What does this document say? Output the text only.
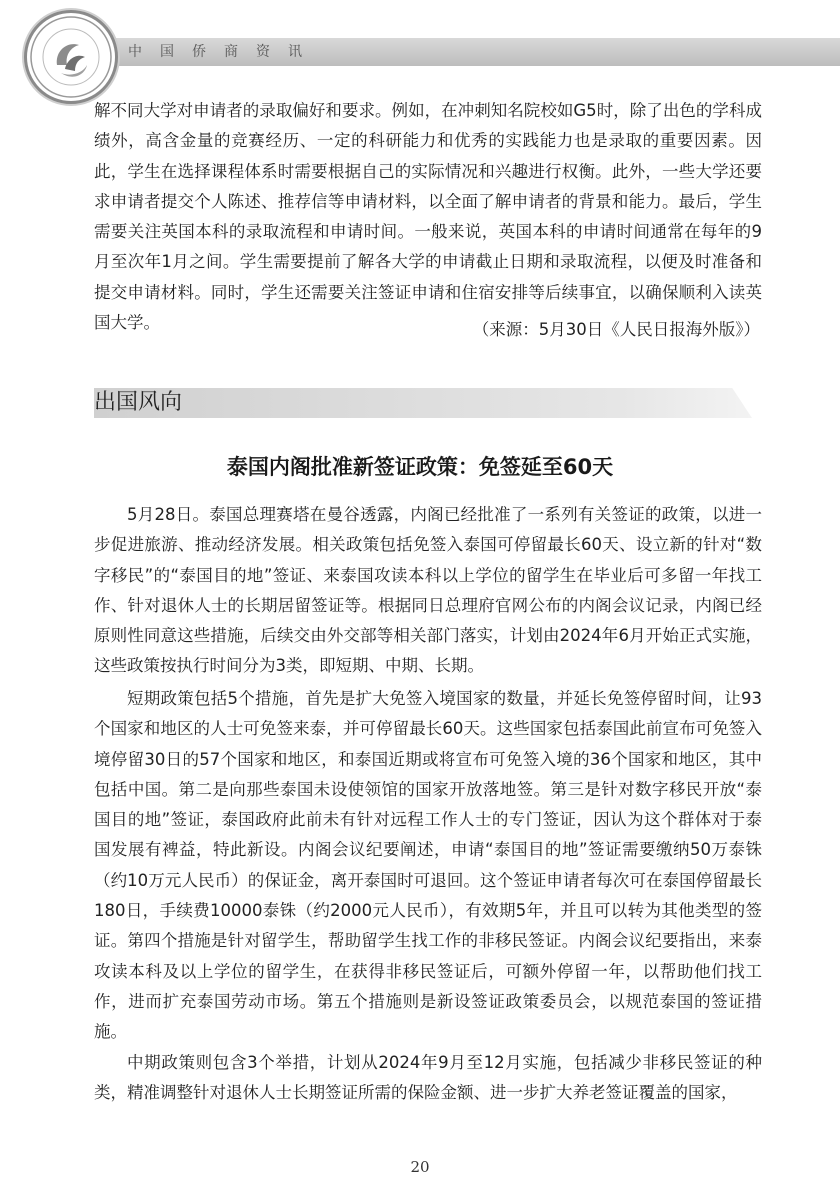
中国侨商资讯

解不同大学对申请者的录取偏好和要求。例如，在冲刺知名院校如G5时，除了出色的学科成绩外，高含金量的竞赛经历、一定的科研能力和优秀的实践能力也是录取的重要因素。因此，学生在选择课程体系时需要根据自己的实际情况和兴趣进行权衡。此外，一些大学还要求申请者提交个人陈述、推荐信等申请材料，以全面了解申请者的背景和能力。最后，学生需要关注英国本科的录取流程和申请时间。一般来说，英国本科的申请时间通常在每年的9月至次年1月之间。学生需要提前了解各大学的申请截止日期和录取流程，以便及时准备和提交申请材料。同时，学生还需要关注签证申请和住宿安排等后续事宜，以确保顺利入读英国大学。	（来源：5月30日《人民日报海外版》）
出国风向
泰国内阁批准新签证政策：免签延至60天

5月28日。泰国总理赛塔在曼谷透露，内阁已经批准了一系列有关签证的政策，以进一步促进旅游、推动经济发展。相关政策包括免签入泰国可停留最长60天、设立新的针对“数字移民”的“泰国目的地”签证、来泰国攻读本科以上学位的留学生在毕业后可多留一年找工作、针对退休人士的长期居留签证等。根据同日总理府官网公布的内阁会议记录，内阁已经原则性同意这些措施，后续交由外交部等相关部门落实，计划由2024年6月开始正式实施，这些政策按执行时间分为3类，即短期、中期、长期。

短期政策包括5个措施，首先是扩大免签入境国家的数量，并延长免签停留时间，让93个国家和地区的人士可免签来泰，并可停留最长60天。这些国家包括泰国此前宣布可免签入境停留30日的57个国家和地区，和泰国近期或将宣布可免签入境的36个国家和地区，其中包括中国。第二是向那些泰国未设使领馆的国家开放落地签。第三是针对数字移民开放“泰国目的地”签证，泰国政府此前未有针对远程工作人士的专门签证，因认为这个群体对于泰国发展有裨益，特此新设。内阁会议纪要阐述，申请“泰国目的地”签证需要缴纳50万泰铢（约10万元人民币）的保证金，离开泰国时可退回。这个签证申请者每次可在泰国停留最长180日，手续费10000泰铢（约2000元人民币），有效期5年，并且可以转为其他类型的签证。第四个措施是针对留学生，帮助留学生找工作的非移民签证。内阁会议纪要指出，来泰攻读本科及以上学位的留学生，在获得非移民签证后，可额外停留一年，以帮助他们找工作，进而扩充泰国劳动市场。第五个措施则是新设签证政策委员会，以规范泰国的签证措施。

中期政策则包含3个举措，计划从2024年9月至12月实施，包括减少非移民签证的种类，精准调整针对退休人士长期签证所需的保险金额、进一步扩大养老签证覆盖的国家，

20
